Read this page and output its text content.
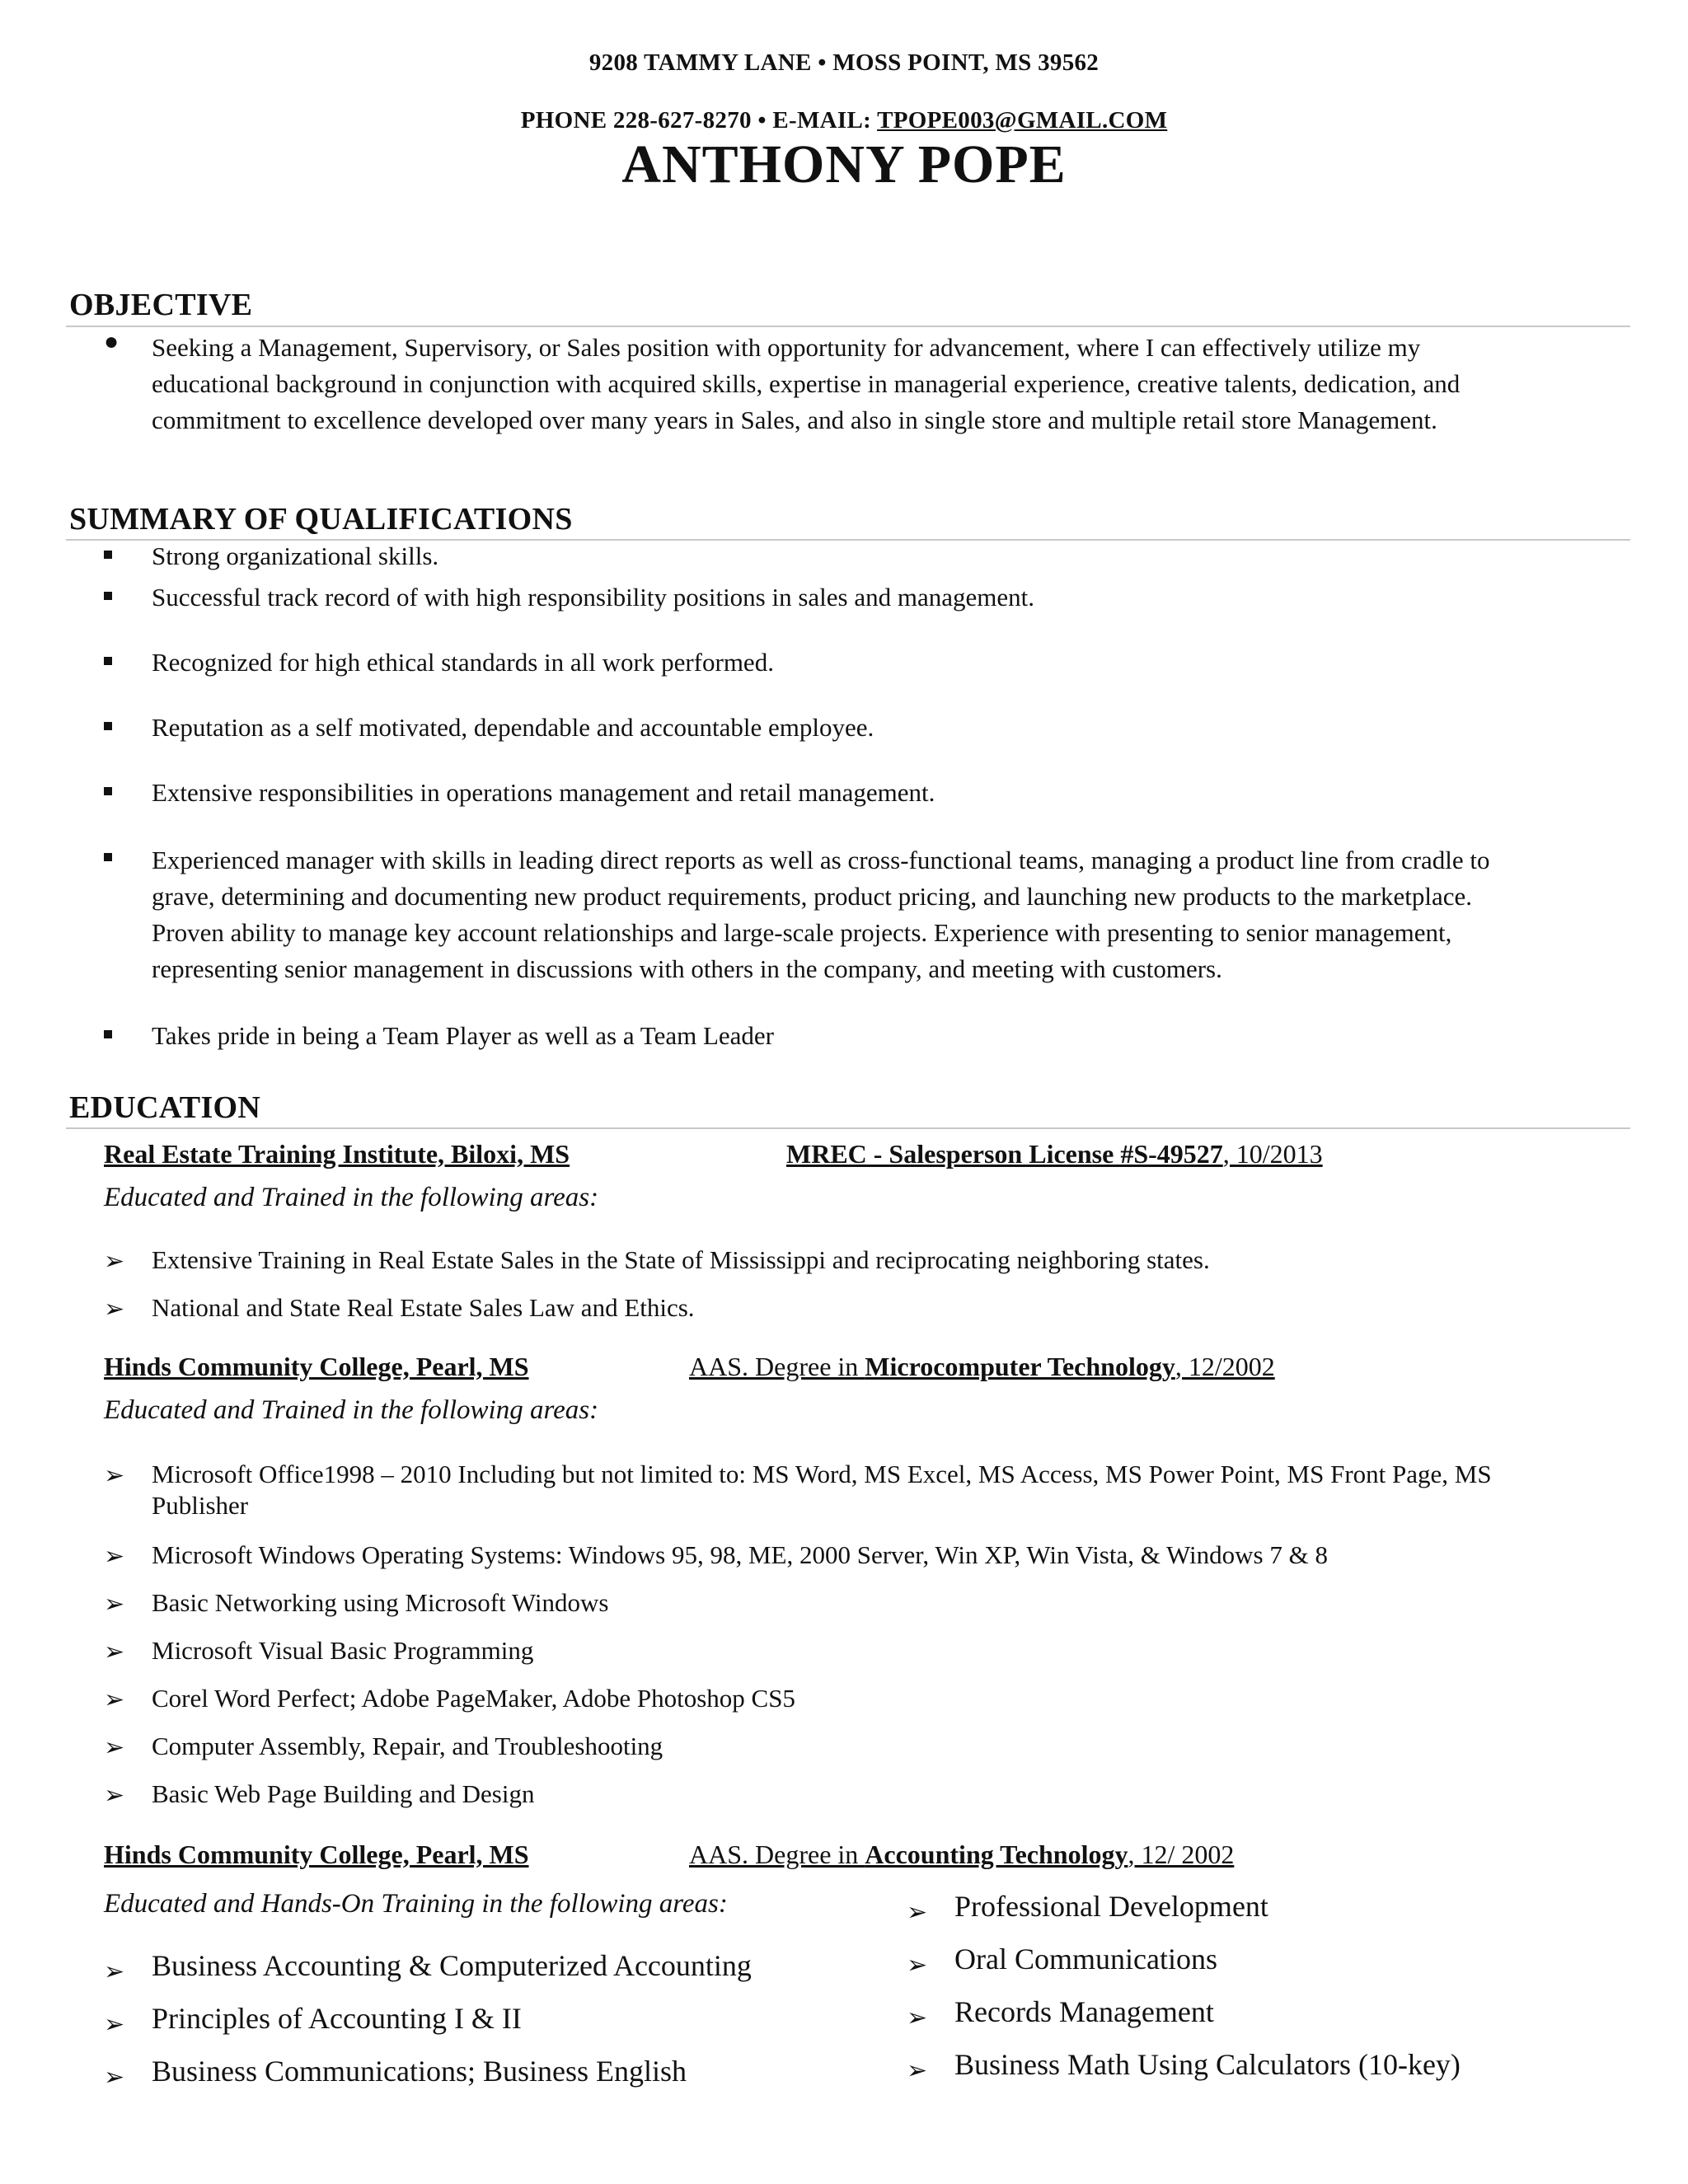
9208 TAMMY LANE • MOSS POINT, MS 39562
PHONE 228-627-8270 • E-MAIL: TPOPE003@GMAIL.COM
ANTHONY POPE
OBJECTIVE
● Seeking a Management, Supervisory, or Sales position with opportunity for advancement, where I can effectively utilize my
educational background in conjunction with acquired skills, expertise in managerial experience, creative talents, dedication, and
commitment to excellence developed over many years in Sales, and also in single store and multiple retail store Management.
SUMMARY OF QUALIFICATIONS
Strong organizational skills.
Successful track record of with high responsibility positions in sales and management.
Recognized for high ethical standards in all work performed.
Reputation as a self motivated, dependable and accountable employee.
Extensive responsibilities in operations management and retail management.
Experienced manager with skills in leading direct reports as well as cross-functional teams, managing a product line from cradle to
grave, determining and documenting new product requirements, product pricing, and launching new products to the marketplace.
Proven ability to manage key account relationships and large-scale projects. Experience with presenting to senior management,
representing senior management in discussions with others in the company, and meeting with customers.
Takes pride in being a Team Player as well as a Team Leader
EDUCATION
Real Estate Training Institute, Biloxi, MS	MREC - Salesperson License #S-49527, 10/2013
Educated and Trained in the following areas:
➢ Extensive Training in Real Estate Sales in the State of Mississippi and reciprocating neighboring states.
➢ National and State Real Estate Sales Law and Ethics.
Hinds Community College, Pearl, MS	AAS. Degree in Microcomputer Technology, 12/2002
Educated and Trained in the following areas:
➢ Microsoft Office1998 – 2010 Including but not limited to: MS Word, MS Excel, MS Access, MS Power Point, MS Front Page, MS
Publisher
➢ Microsoft Windows Operating Systems: Windows 95, 98, ME, 2000 Server, Win XP, Win Vista, & Windows 7 & 8
➢ Basic Networking using Microsoft Windows
➢ Microsoft Visual Basic Programming
➢ Corel Word Perfect; Adobe PageMaker, Adobe Photoshop CS5
➢ Computer Assembly, Repair, and Troubleshooting
➢ Basic Web Page Building and Design
Hinds Community College, Pearl, MS	AAS. Degree in Accounting Technology, 12/ 2002
Educated and Hands-On Training in the following areas:
➢ Business Accounting & Computerized Accounting
➢ Principles of Accounting I & II
➢ Business Communications; Business English
➢ Professional Development
➢ Oral Communications
➢ Records Management
➢ Business Math Using Calculators (10-key)
